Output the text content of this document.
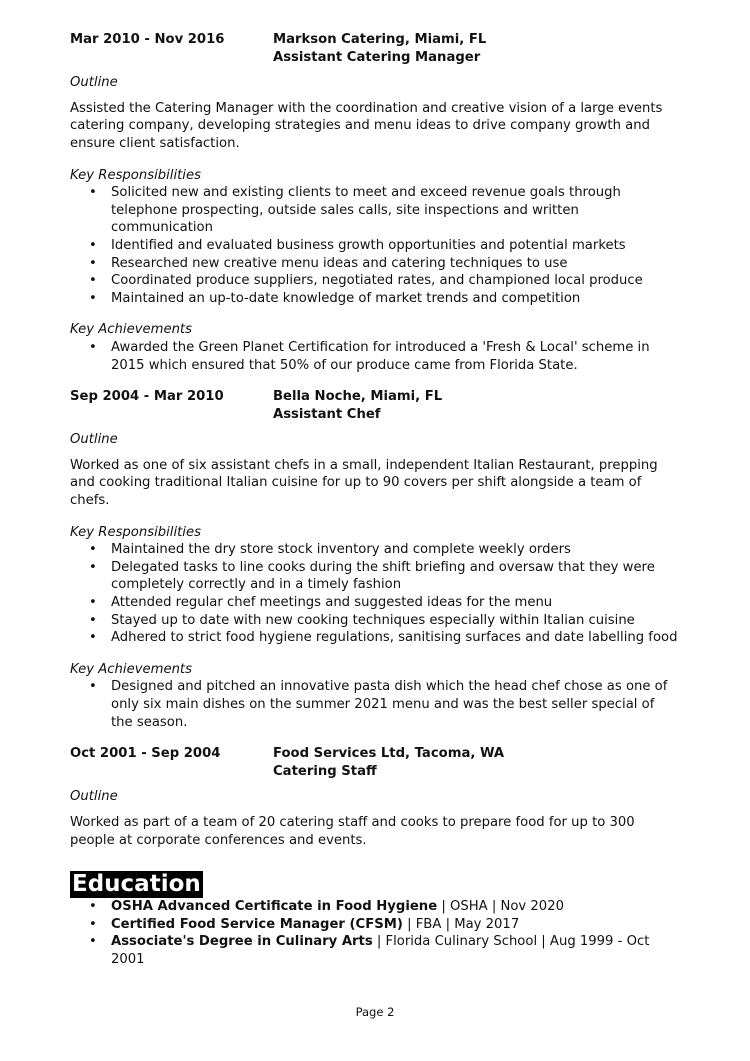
Mar 2010 - Nov 2016	Markson Catering, Miami, FL
Assistant Catering Manager
Outline

Assisted the Catering Manager with the coordination and creative vision of a large events catering company, developing strategies and menu ideas to drive company growth and ensure client satisfaction.

Key Responsibilities
• Solicited new and existing clients to meet and exceed revenue goals through telephone prospecting, outside sales calls, site inspections and written communication
• Identified and evaluated business growth opportunities and potential markets
• Researched new creative menu ideas and catering techniques to use
• Coordinated produce suppliers, negotiated rates, and championed local produce
• Maintained an up-to-date knowledge of market trends and competition
Key Achievements
• Awarded the Green Planet Certification for introduced a 'Fresh & Local' scheme in 2015 which ensured that 50% of our produce came from Florida State.
Sep 2004 - Mar 2010	Bella Noche, Miami, FL
Assistant Chef
Outline

Worked as one of six assistant chefs in a small, independent Italian Restaurant, prepping and cooking traditional Italian cuisine for up to 90 covers per shift alongside a team of chefs.

Key Responsibilities
• Maintained the dry store stock inventory and complete weekly orders
• Delegated tasks to line cooks during the shift briefing and oversaw that they were completely correctly and in a timely fashion
• Attended regular chef meetings and suggested ideas for the menu
• Stayed up to date with new cooking techniques especially within Italian cuisine
• Adhered to strict food hygiene regulations, sanitising surfaces and date labelling food
Key Achievements
• Designed and pitched an innovative pasta dish which the head chef chose as one of only six main dishes on the summer 2021 menu and was the best seller special of the season.
Oct 2001 - Sep 2004	Food Services Ltd, Tacoma, WA
Catering Staff
Outline

Worked as part of a team of 20 catering staff and cooks to prepare food for up to 300 people at corporate conferences and events.

Education
• OSHA Advanced Certificate in Food Hygiene | OSHA | Nov 2020
• Certified Food Service Manager (CFSM) | FBA | May 2017
• Associate's Degree in Culinary Arts | Florida Culinary School | Aug 1999 - Oct 2001
Page 2
